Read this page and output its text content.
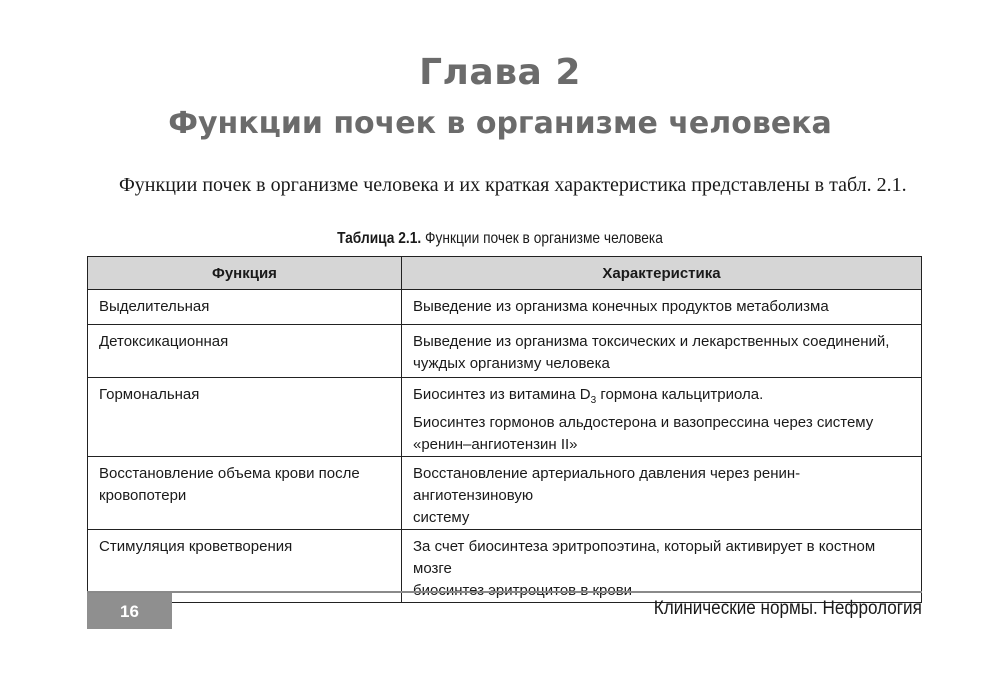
Глава 2
Функции почек в организме человека

Функции почек в организме человека и их краткая характеристика представлены в табл. 2.1.

Таблица 2.1. Функции почек в организме человека
Функция	Характеристика

Выделительная	Выведение из организма конечных продуктов метаболизма

Детоксикационная	Выведение из организма токсических и лекарственных соединений,
чуждых организму человека

Гормональная	Биосинтез из витамина $D_3$ гормона кальцитриола.
Биосинтез гормонов альдостерона и вазопрессина через систему
«ренин–ангиотензин II»

Восстановление объема крови после
кровопотери	Восстановление артериального давления через ренин-ангиотензиновую
систему

Стимуляция кроветворения	За счет биосинтеза эритропоэтина, который активирует в костном мозге

16	Клинические нормы. Нефрология
